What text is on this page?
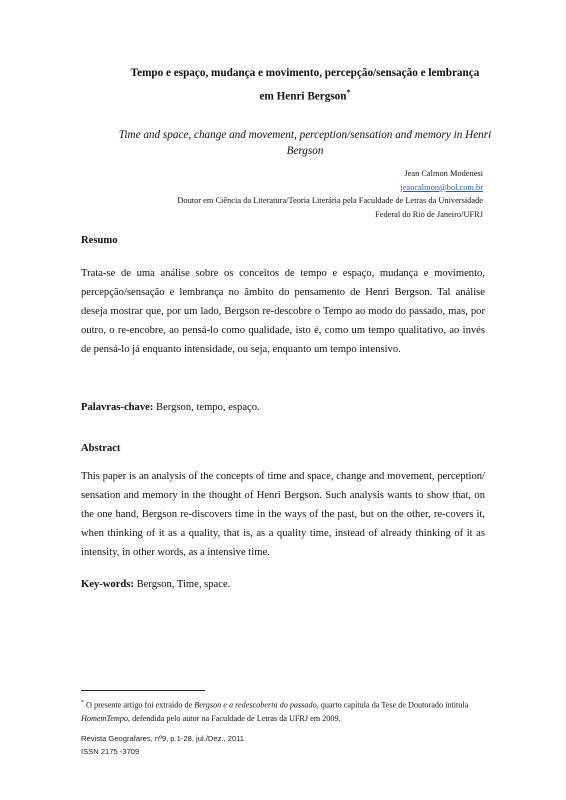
Tempo e espaço, mudança e movimento, percepção/sensação e lembrança
em Henri Bergson*
Time and space, change and movement, perception/sensation and memory in Henri
Bergson
Jean Calmon Modenesi
jeancalmon@bol.com.br
Doutor em Ciência da Literatura/Teoria Literária pela Faculdade de Letras da Universidade
Federal do Rio de Janeiro/UFRJ
Resumo

Trata-se de uma análise sobre os conceitos de tempo e espaço, mudança e movimento, percepção/sensação e lembrança no âmbito do pensamento de Henri Bergson. Tal análise deseja mostrar que, por um lado, Bergson re-descobre o Tempo ao modo do passado, mas, por outro, o re-encobre, ao pensá-lo como qualidade, isto é, como um tempo qualitativo, ao invés de pensá-lo já enquanto intensidade, ou seja, enquanto um tempo intensivo.

Palavras-chave: Bergson, tempo, espaço.
Abstract

This paper is an analysis of the concepts of time and space, change and movement, perception/ sensation and memory in the thought of Henri Bergson. Such analysis wants to show that, on the one hand, Bergson re-discovers time in the ways of the past, but on the other, re-covers it, when thinking of it as a quality, that is, as a quality time, instead of already thinking of it as intensity, in other words, as a intensive time.

Key-words: Bergson, Time, space.
* O presente artigo foi extraído de Bergson e a redescoberta do passado, quarto capítula da Tese de Doutorado intitula HomemTempo, defendida pelo autor na Faculdade de Letras da UFRJ em 2009.
Revista Geografares, nº9, p.1-28, jul./Dez., 2011
ISSN 2175 -3709
